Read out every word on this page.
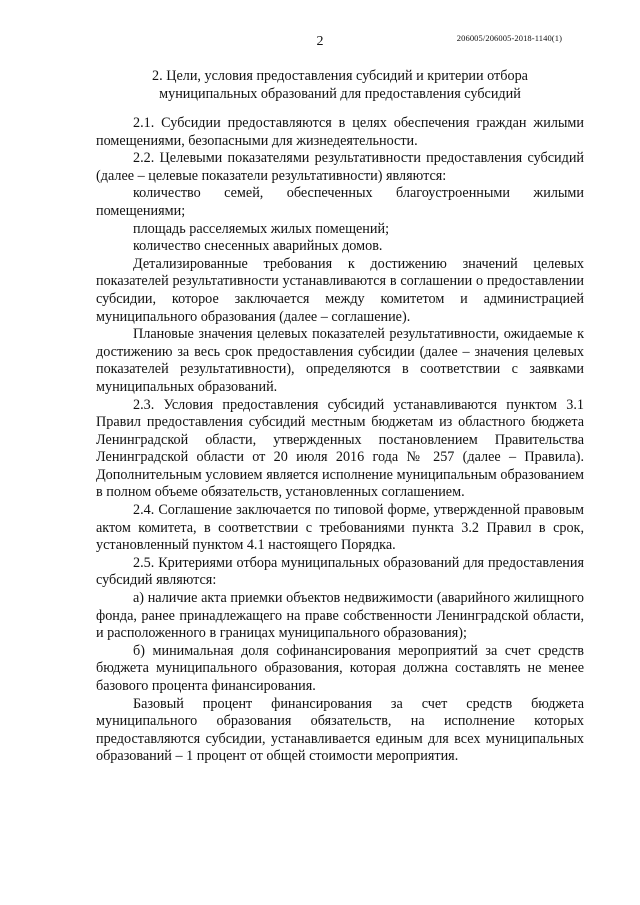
2	206005/206005-2018-1140(1)
2. Цели, условия предоставления субсидий и критерии отбора
муниципальных образований для предоставления субсидий

2.1. Субсидии предоставляются в целях обеспечения граждан жилыми помещениями, безопасными для жизнедеятельности.

2.2. Целевыми показателями результативности предоставления субсидий (далее – целевые показатели результативности) являются:

количество семей, обеспеченных благоустроенными жилыми помещениями;

площадь расселяемых жилых помещений;

количество снесенных аварийных домов.

Детализированные требования к достижению значений целевых показателей результативности устанавливаются в соглашении о предоставлении субсидии, которое заключается между комитетом и администрацией муниципального образования (далее – соглашение).

Плановые значения целевых показателей результативности, ожидаемые к достижению за весь срок предоставления субсидии (далее – значения целевых показателей результативности), определяются в соответствии с заявками муниципальных образований.

2.3. Условия предоставления субсидий устанавливаются пунктом 3.1 Правил предоставления субсидий местным бюджетам из областного бюджета Ленинградской области, утвержденных постановлением Правительства Ленинградской области от 20 июля 2016 года № 257 (далее – Правила). Дополнительным условием является исполнение муниципальным образованием в полном объеме обязательств, установленных соглашением.

2.4. Соглашение заключается по типовой форме, утвержденной правовым актом комитета, в соответствии с требованиями пункта 3.2 Правил в срок, установленный пунктом 4.1 настоящего Порядка.

2.5. Критериями отбора муниципальных образований для предоставления субсидий являются:

а) наличие акта приемки объектов недвижимости (аварийного жилищного фонда, ранее принадлежащего на праве собственности Ленинградской области, и расположенного в границах муниципального образования);

б) минимальная доля софинансирования мероприятий за счет средств бюджета муниципального образования, которая должна составлять не менее базового процента финансирования.

Базовый процент финансирования за счет средств бюджета муниципального образования обязательств, на исполнение которых предоставляются субсидии, устанавливается единым для всех муниципальных образований – 1 процент от общей стоимости мероприятия.
